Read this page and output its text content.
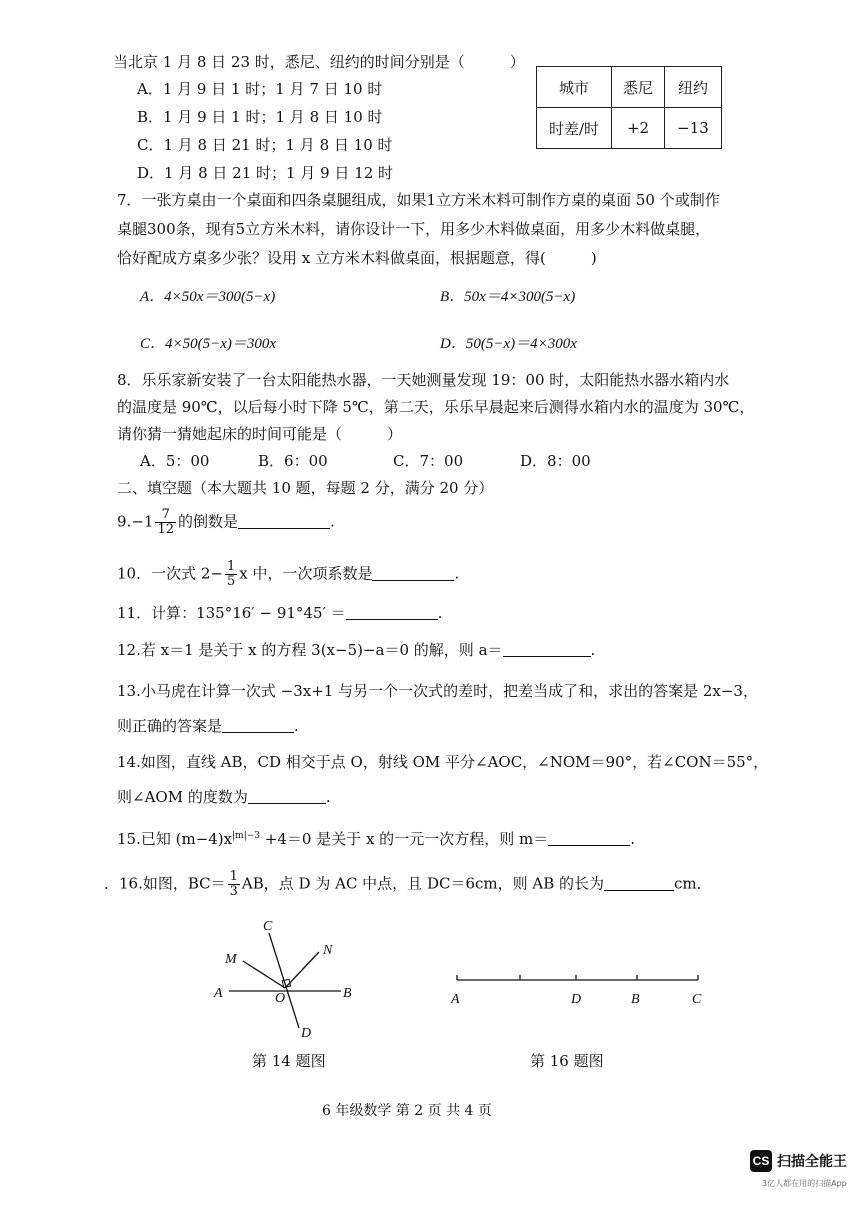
当北京 1 月 8 日 23 时，悉尼、纽约的时间分别是（　　　）
A．1 月 9 日 1 时；1 月 7 日 10 时
B．1 月 9 日 1 时；1 月 8 日 10 时
C．1 月 8 日 21 时；1 月 8 日 10 时
D．1 月 8 日 21 时；1 月 9 日 12 时
城市	悉尼	纽约
时差/时	+2	−13
7．一张方桌由一个桌面和四条桌腿组成，如果1立方米木料可制作方桌的桌面 50 个或制作
桌腿300条，现有5立方米木料，请你设计一下，用多少木料做桌面，用多少木料做桌腿，
恰好配成方桌多少张？设用 x 立方米木料做桌面，根据题意，得(　　　)
A．4×50x＝300(5−x)	B．50x＝4×300(5−x)
C．4×50(5−x)＝300x	D．50(5−x)＝4×300x
8．乐乐家新安装了一台太阳能热水器，一天她测量发现 19：00 时，太阳能热水器水箱内水
的温度是 90℃，以后每小时下降 5℃，第二天，乐乐早晨起来后测得水箱内水的温度为 30℃，
请你猜一猜她起床的时间可能是（　　　）
A．5：00	B．6：00	C．7：00	D．8：00
二、填空题（本大题共 10 题，每题 2 分，满分 20 分）
$9.-1 \frac{7}{12}$ 的倒数是	.
10．一次式 $2- \frac{1}{5}$ x 中，一次项系数是	.
11．计算：135°16′ − 91°45′ ＝	.
12.若 x＝1 是关于 x 的方程 3(x−5)−a＝0 的解，则 a＝	.
13.小马虎在计算一次式 −3x+1 与另一个一次式的差时，把差当成了和，求出的答案是 2x−3，
则正确的答案是	.
14.如图，直线 AB，CD 相交于点 O，射线 OM 平分∠AOC，∠NOM＝90°，若∠CON＝55°，
则∠AOM 的度数为	.
15.已知 $(m-4)x^{|m|-3} +4=0$ 是关于 x 的一元一次方程，则 m＝	.
．16.如图，$BC= \frac{1}{3}$ AB，点 D 为 AC 中点，且 DC＝6cm，则 AB 的长为	cm．
C
N
M
A	O	B
D
第 14 题图
A	D	B	C
第 16 题图
6 年级数学 第 2 页 共 4 页
CS 扫描全能王
3亿人都在用的扫描App
